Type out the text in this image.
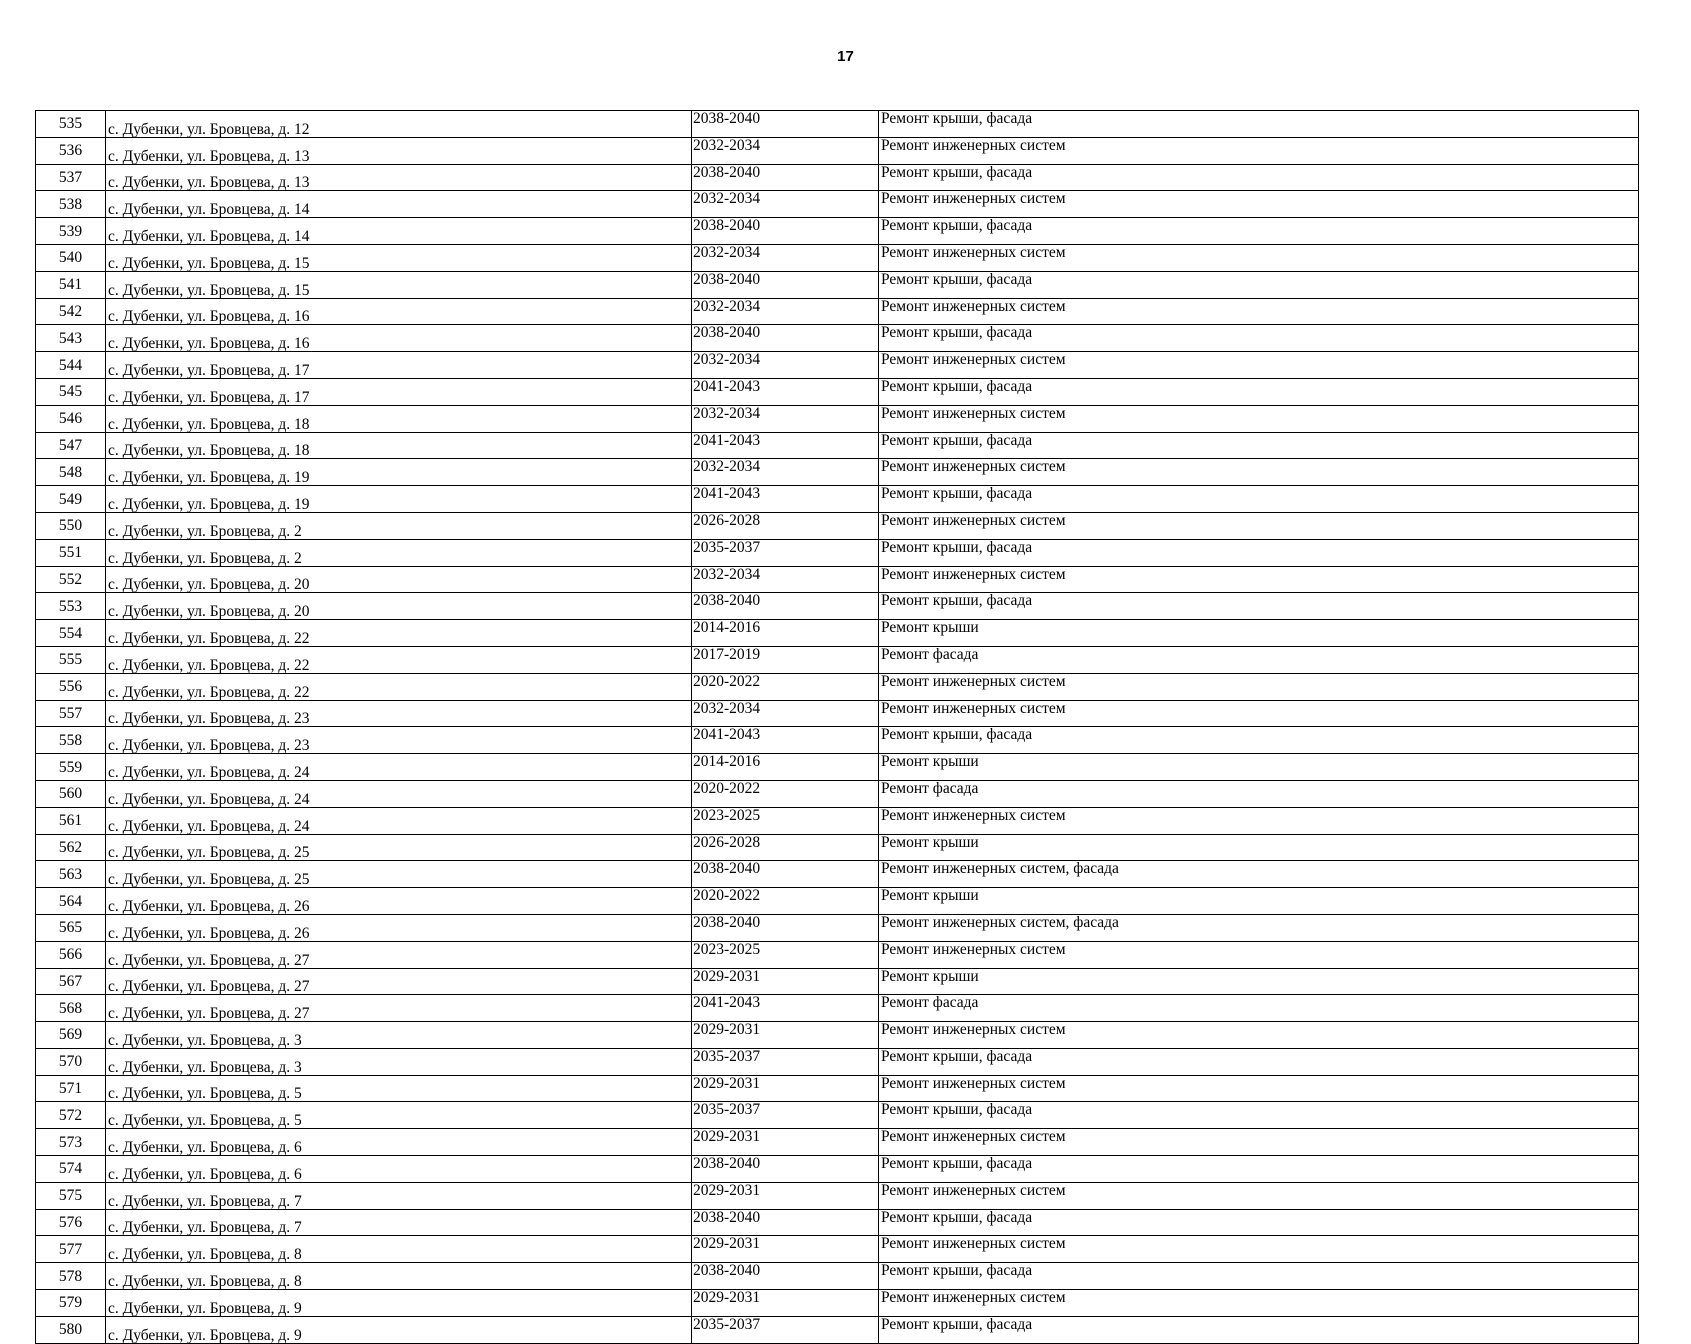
17
535	с. Дубенки, ул. Бровцева, д. 12	2038-2040	Ремонт крыши, фасада
536	с. Дубенки, ул. Бровцева, д. 13	2032-2034	Ремонт инженерных систем
537	с. Дубенки, ул. Бровцева, д. 13	2038-2040	Ремонт крыши, фасада
538	с. Дубенки, ул. Бровцева, д. 14	2032-2034	Ремонт инженерных систем
539	с. Дубенки, ул. Бровцева, д. 14	2038-2040	Ремонт крыши, фасада
540	с. Дубенки, ул. Бровцева, д. 15	2032-2034	Ремонт инженерных систем
541	с. Дубенки, ул. Бровцева, д. 15	2038-2040	Ремонт крыши, фасада
542	с. Дубенки, ул. Бровцева, д. 16	2032-2034	Ремонт инженерных систем
543	с. Дубенки, ул. Бровцева, д. 16	2038-2040	Ремонт крыши, фасада
544	с. Дубенки, ул. Бровцева, д. 17	2032-2034	Ремонт инженерных систем
545	с. Дубенки, ул. Бровцева, д. 17	2041-2043	Ремонт крыши, фасада
546	с. Дубенки, ул. Бровцева, д. 18	2032-2034	Ремонт инженерных систем
547	с. Дубенки, ул. Бровцева, д. 18	2041-2043	Ремонт крыши, фасада
548	с. Дубенки, ул. Бровцева, д. 19	2032-2034	Ремонт инженерных систем
549	с. Дубенки, ул. Бровцева, д. 19	2041-2043	Ремонт крыши, фасада
550	с. Дубенки, ул. Бровцева, д. 2	2026-2028	Ремонт инженерных систем
551	с. Дубенки, ул. Бровцева, д. 2	2035-2037	Ремонт крыши, фасада
552	с. Дубенки, ул. Бровцева, д. 20	2032-2034	Ремонт инженерных систем
553	с. Дубенки, ул. Бровцева, д. 20	2038-2040	Ремонт крыши, фасада
554	с. Дубенки, ул. Бровцева, д. 22	2014-2016	Ремонт крыши
555	с. Дубенки, ул. Бровцева, д. 22	2017-2019	Ремонт фасада
556	с. Дубенки, ул. Бровцева, д. 22	2020-2022	Ремонт инженерных систем
557	с. Дубенки, ул. Бровцева, д. 23	2032-2034	Ремонт инженерных систем
558	с. Дубенки, ул. Бровцева, д. 23	2041-2043	Ремонт крыши, фасада
559	с. Дубенки, ул. Бровцева, д. 24	2014-2016	Ремонт крыши
560	с. Дубенки, ул. Бровцева, д. 24	2020-2022	Ремонт фасада
561	с. Дубенки, ул. Бровцева, д. 24	2023-2025	Ремонт инженерных систем
562	с. Дубенки, ул. Бровцева, д. 25	2026-2028	Ремонт крыши
563	с. Дубенки, ул. Бровцева, д. 25	2038-2040	Ремонт инженерных систем, фасада
564	с. Дубенки, ул. Бровцева, д. 26	2020-2022	Ремонт крыши
565	с. Дубенки, ул. Бровцева, д. 26	2038-2040	Ремонт инженерных систем, фасада
566	с. Дубенки, ул. Бровцева, д. 27	2023-2025	Ремонт инженерных систем
567	с. Дубенки, ул. Бровцева, д. 27	2029-2031	Ремонт крыши
568	с. Дубенки, ул. Бровцева, д. 27	2041-2043	Ремонт фасада
569	с. Дубенки, ул. Бровцева, д. 3	2029-2031	Ремонт инженерных систем
570	с. Дубенки, ул. Бровцева, д. 3	2035-2037	Ремонт крыши, фасада
571	с. Дубенки, ул. Бровцева, д. 5	2029-2031	Ремонт инженерных систем
572	с. Дубенки, ул. Бровцева, д. 5	2035-2037	Ремонт крыши, фасада
573	с. Дубенки, ул. Бровцева, д. 6	2029-2031	Ремонт инженерных систем
574	с. Дубенки, ул. Бровцева, д. 6	2038-2040	Ремонт крыши, фасада
575	с. Дубенки, ул. Бровцева, д. 7	2029-2031	Ремонт инженерных систем
576	с. Дубенки, ул. Бровцева, д. 7	2038-2040	Ремонт крыши, фасада
577	с. Дубенки, ул. Бровцева, д. 8	2029-2031	Ремонт инженерных систем
578	с. Дубенки, ул. Бровцева, д. 8	2038-2040	Ремонт крыши, фасада
579	с. Дубенки, ул. Бровцева, д. 9	2029-2031	Ремонт инженерных систем
580	с. Дубенки, ул. Бровцева, д. 9	2035-2037	Ремонт крыши, фасада
